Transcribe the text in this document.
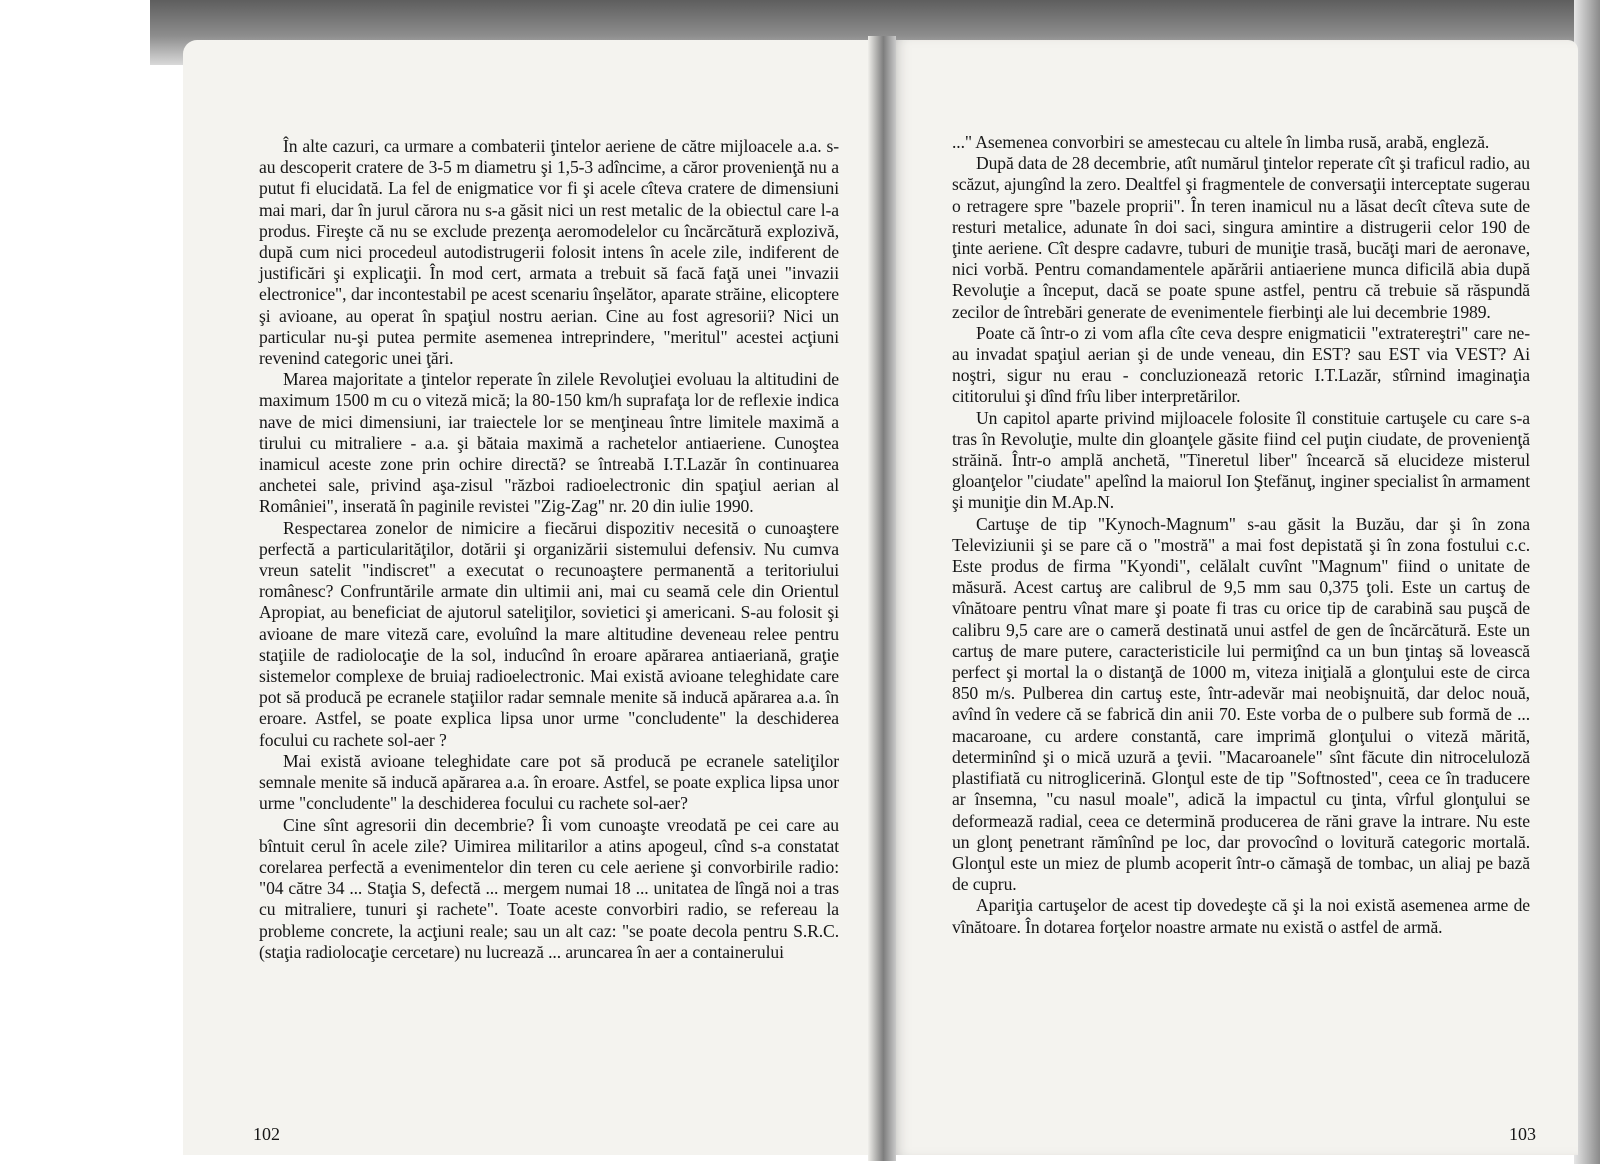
În alte cazuri, ca urmare a combaterii ţintelor aeriene de către mijloacele a.a. s-au descoperit cratere de 3-5 m diametru şi 1,5-3 adîncime, a căror provenienţă nu a putut fi elucidată. La fel de enigmatice vor fi şi acele cîteva cratere de dimensiuni mai mari, dar în jurul cărora nu s-a găsit nici un rest metalic de la obiectul care l-a produs. Fireşte că nu se exclude prezenţa aeromodelelor cu încărcătură explozivă, după cum nici procedeul autodistrugerii folosit intens în acele zile, indiferent de justificări şi explicaţii. În mod cert, armata a trebuit să facă faţă unei "invazii electronice", dar incontestabil pe acest scenariu înşelător, aparate străine, elicoptere şi avioane, au operat în spaţiul nostru aerian. Cine au fost agresorii? Nici un particular nu-şi putea permite asemenea intreprindere, "meritul" acestei acţiuni revenind categoric unei ţări.

Marea majoritate a ţintelor reperate în zilele Revoluţiei evoluau la altitudini de maximum 1500 m cu o viteză mică; la 80-150 km/h suprafaţa lor de reflexie indica nave de mici dimensiuni, iar traiectele lor se menţineau între limitele maximă a tirului cu mitraliere - a.a. şi bătaia maximă a rachetelor antiaeriene. Cunoştea inamicul aceste zone prin ochire directă? se întreabă I.T.Lazăr în continuarea anchetei sale, privind aşa-zisul "război radioelectronic din spaţiul aerian al României", inserată în paginile revistei "Zig-Zag" nr. 20 din iulie 1990.

Respectarea zonelor de nimicire a fiecărui dispozitiv necesită o cunoaştere perfectă a particularităţilor, dotării şi organizării sistemului defensiv. Nu cumva vreun satelit "indiscret" a executat o recunoaştere permanentă a teritoriului românesc? Confruntările armate din ultimii ani, mai cu seamă cele din Orientul Apropiat, au beneficiat de ajutorul sateliţilor, sovietici şi americani. S-au folosit şi avioane de mare viteză care, evoluînd la mare altitudine deveneau relee pentru staţiile de radiolocaţie de la sol, inducînd în eroare apărarea antiaeriană, graţie sistemelor complexe de bruiaj radioelectronic. Mai există avioane teleghidate care pot să producă pe ecranele staţiilor radar semnale menite să inducă apărarea a.a. în eroare. Astfel, se poate explica lipsa unor urme "concludente" la deschiderea focului cu rachete sol-aer ?

Mai există avioane teleghidate care pot să producă pe ecranele sateliţilor semnale menite să inducă apărarea a.a. în eroare. Astfel, se poate explica lipsa unor urme "concludente" la deschiderea focului cu rachete sol-aer?

Cine sînt agresorii din decembrie? Îi vom cunoaşte vreodată pe cei care au bîntuit cerul în acele zile? Uimirea militarilor a atins apogeul, cînd s-a constatat corelarea perfectă a evenimentelor din teren cu cele aeriene şi convorbirile radio: "04 către 34 ... Staţia S, defectă ... mergem numai 18 ... unitatea de lîngă noi a tras cu mitraliere, tunuri şi rachete". Toate aceste convorbiri radio, se refereau la probleme concrete, la acţiuni reale; sau un alt caz: "se poate decola pentru S.R.C. (staţia radiolocaţie cercetare) nu lucrează ... aruncarea în aer a containerului

102

..." Asemenea convorbiri se amestecau cu altele în limba rusă, arabă, engleză.

După data de 28 decembrie, atît numărul ţintelor reperate cît şi traficul radio, au scăzut, ajungînd la zero. Dealtfel şi fragmentele de conversaţii interceptate sugerau o retragere spre "bazele proprii". În teren inamicul nu a lăsat decît cîteva sute de resturi metalice, adunate în doi saci, singura amintire a distrugerii celor 190 de ţinte aeriene. Cît despre cadavre, tuburi de muniţie trasă, bucăţi mari de aeronave, nici vorbă. Pentru comandamentele apărării antiaeriene munca dificilă abia după Revoluţie a început, dacă se poate spune astfel, pentru că trebuie să răspundă zecilor de întrebări generate de evenimentele fierbinţi ale lui decembrie 1989.

Poate că într-o zi vom afla cîte ceva despre enigmaticii "extratereştri" care ne-au invadat spaţiul aerian şi de unde veneau, din EST? sau EST via VEST? Ai noştri, sigur nu erau - concluzionează retoric I.T.Lazăr, stîrnind imaginaţia cititorului şi dînd frîu liber interpretărilor.

Un capitol aparte privind mijloacele folosite îl constituie cartuşele cu care s-a tras în Revoluţie, multe din gloanţele găsite fiind cel puţin ciudate, de provenienţă străină. Într-o amplă anchetă, "Tineretul liber" încearcă să elucideze misterul gloanţelor "ciudate" apelînd la maiorul Ion Ştefănuţ, inginer specialist în armament şi muniţie din M.Ap.N.

Cartuşe de tip "Kynoch-Magnum" s-au găsit la Buzău, dar şi în zona Televiziunii şi se pare că o "mostră" a mai fost depistată şi în zona fostului c.c. Este produs de firma "Kyondi", celălalt cuvînt "Magnum" fiind o unitate de măsură. Acest cartuş are calibrul de 9,5 mm sau 0,375 ţoli. Este un cartuş de vînătoare pentru vînat mare şi poate fi tras cu orice tip de carabină sau puşcă de calibru 9,5 care are o cameră destinată unui astfel de gen de încărcătură. Este un cartuş de mare putere, caracteristicile lui permiţînd ca un bun ţintaş să lovească perfect şi mortal la o distanţă de 1000 m, viteza iniţială a glonţului este de circa 850 m/s. Pulberea din cartuş este, într-adevăr mai neobişnuită, dar deloc nouă, avînd în vedere că se fabrică din anii 70. Este vorba de o pulbere sub formă de ... macaroane, cu ardere constantă, care imprimă glonţului o viteză mărită, determinînd şi o mică uzură a ţevii. "Macaroanele" sînt făcute din nitroceluloză plastifiată cu nitroglicerină. Glonţul este de tip "Softnosted", ceea ce în traducere ar însemna, "cu nasul moale", adică la impactul cu ţinta, vîrful glonţului se deformează radial, ceea ce determină producerea de răni grave la intrare. Nu este un glonţ penetrant rămînînd pe loc, dar provocînd o lovitură categoric mortală. Glonţul este un miez de plumb acoperit într-o cămaşă de tombac, un aliaj pe bază de cupru.

Apariţia cartuşelor de acest tip dovedeşte că şi la noi există asemenea arme de vînătoare. În dotarea forţelor noastre armate nu există o astfel de armă.

103
